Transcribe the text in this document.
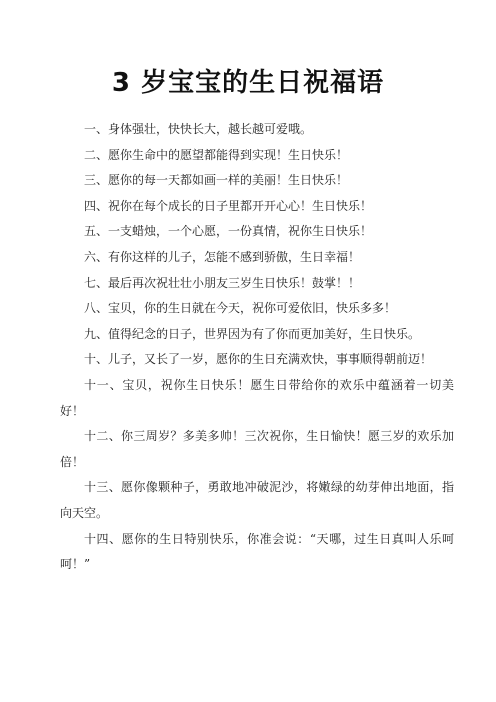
3 岁宝宝的生日祝福语

一、身体强壮，快快长大，越长越可爱哦。

二、愿你生命中的愿望都能得到实现！生日快乐！

三、愿你的每一天都如画一样的美丽！生日快乐！

四、祝你在每个成长的日子里都开开心心！生日快乐！

五、一支蜡烛，一个心愿，一份真情，祝你生日快乐！

六、有你这样的儿子，怎能不感到骄傲，生日幸福！

七、最后再次祝壮壮小朋友三岁生日快乐！鼓掌！！

八、宝贝，你的生日就在今天，祝你可爱依旧，快乐多多！

九、值得纪念的日子，世界因为有了你而更加美好，生日快乐。

十、儿子，又长了一岁，愿你的生日充满欢快，事事顺得朝前迈！

十一、宝贝，祝你生日快乐！愿生日带给你的欢乐中蕴涵着一切美好！

十二、你三周岁？多美多帅！三次祝你，生日愉快！愿三岁的欢乐加倍！

十三、愿你像颗种子，勇敢地冲破泥沙，将嫩绿的幼芽伸出地面，指向天空。

十四、愿你的生日特别快乐，你准会说：“天哪，过生日真叫人乐呵呵！”
